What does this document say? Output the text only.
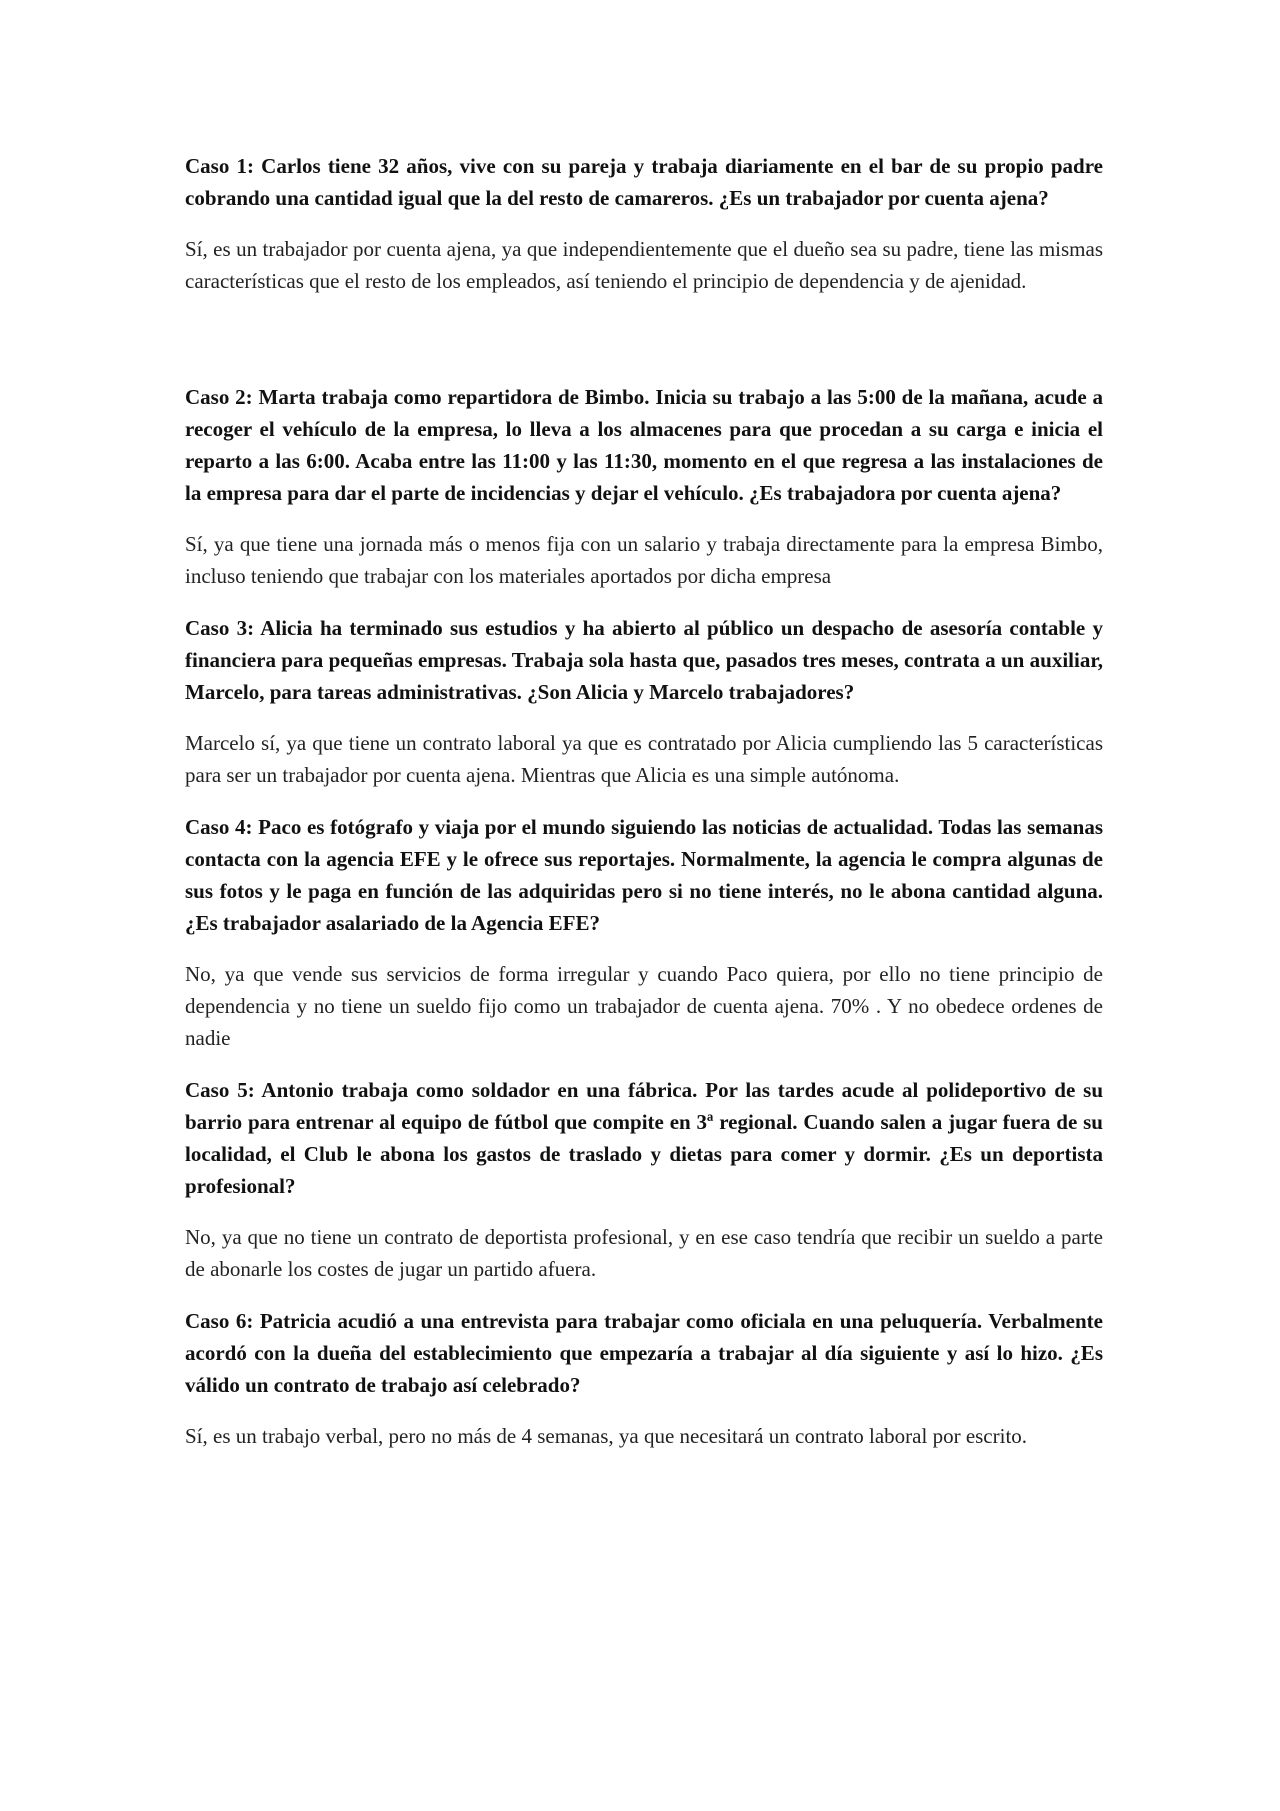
Caso 1: Carlos tiene 32 años, vive con su pareja y trabaja diariamente en el bar de su propio padre cobrando una cantidad igual que la del resto de camareros. ¿Es un trabajador por cuenta ajena?

Sí, es un trabajador por cuenta ajena, ya que independientemente que el dueño sea su padre, tiene las mismas características que el resto de los empleados, así teniendo el principio de dependencia y de ajenidad.

Caso 2: Marta trabaja como repartidora de Bimbo. Inicia su trabajo a las 5:00 de la mañana, acude a recoger el vehículo de la empresa, lo lleva a los almacenes para que procedan a su carga e inicia el reparto a las 6:00. Acaba entre las 11:00 y las 11:30, momento en el que regresa a las instalaciones de la empresa para dar el parte de incidencias y dejar el vehículo. ¿Es trabajadora por cuenta ajena?

Sí, ya que tiene una jornada más o menos fija con un salario y trabaja directamente para la empresa Bimbo, incluso teniendo que trabajar con los materiales aportados por dicha empresa

Caso 3: Alicia ha terminado sus estudios y ha abierto al público un despacho de asesoría contable y financiera para pequeñas empresas. Trabaja sola hasta que, pasados tres meses, contrata a un auxiliar, Marcelo, para tareas administrativas. ¿Son Alicia y Marcelo trabajadores?

Marcelo sí, ya que tiene un contrato laboral ya que es contratado por Alicia cumpliendo las 5 características para ser un trabajador por cuenta ajena. Mientras que Alicia es una simple autónoma.

Caso 4: Paco es fotógrafo y viaja por el mundo siguiendo las noticias de actualidad. Todas las semanas contacta con la agencia EFE y le ofrece sus reportajes. Normalmente, la agencia le compra algunas de sus fotos y le paga en función de las adquiridas pero si no tiene interés, no le abona cantidad alguna. ¿Es trabajador asalariado de la Agencia EFE?

No, ya que vende sus servicios de forma irregular y cuando Paco quiera, por ello no tiene principio de dependencia y no tiene un sueldo fijo como un trabajador de cuenta ajena. 70% . Y no obedece ordenes de nadie

Caso 5: Antonio trabaja como soldador en una fábrica. Por las tardes acude al polideportivo de su barrio para entrenar al equipo de fútbol que compite en 3ª regional. Cuando salen a jugar fuera de su localidad, el Club le abona los gastos de traslado y dietas para comer y dormir. ¿Es un deportista profesional?

No, ya que no tiene un contrato de deportista profesional, y en ese caso tendría que recibir un sueldo a parte de abonarle los costes de jugar un partido afuera.

Caso 6: Patricia acudió a una entrevista para trabajar como oficiala en una peluquería. Verbalmente acordó con la dueña del establecimiento que empezaría a trabajar al día siguiente y así lo hizo. ¿Es válido un contrato de trabajo así celebrado?

Sí, es un trabajo verbal, pero no más de 4 semanas, ya que necesitará un contrato laboral por escrito.
